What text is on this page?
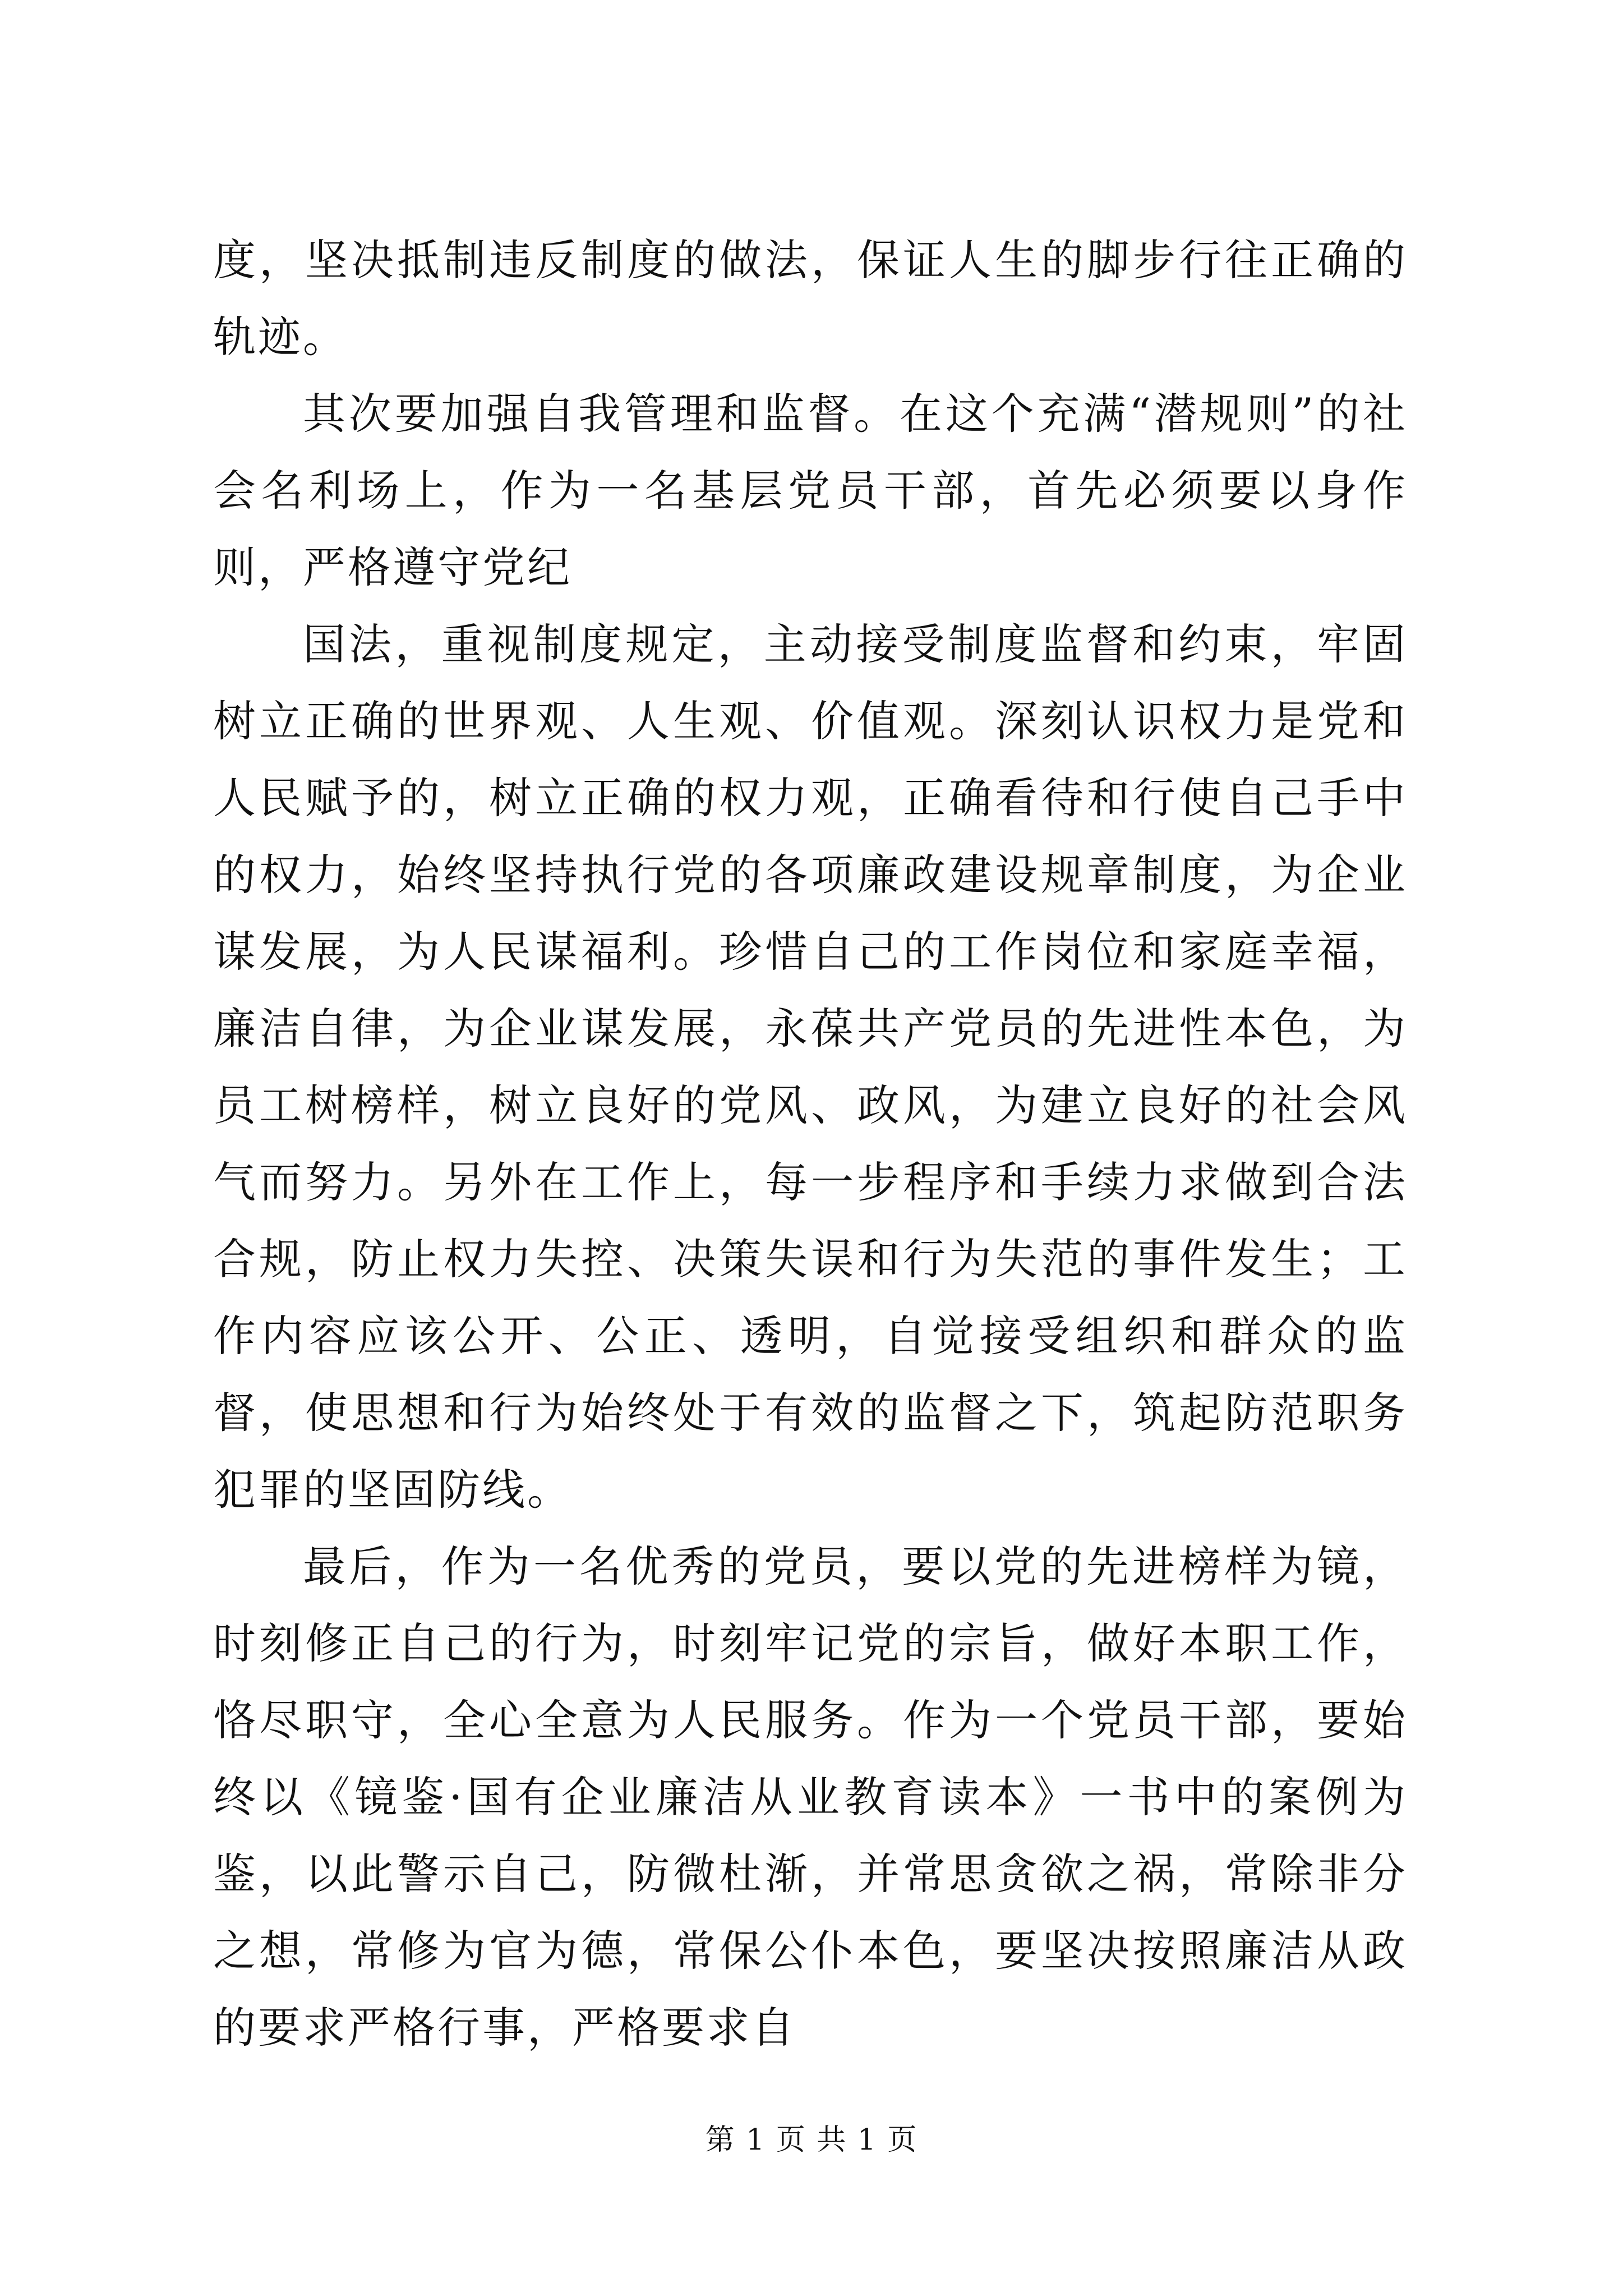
度，坚决抵制违反制度的做法，保证人生的脚步行往正确的轨迹。

其次要加强自我管理和监督。在这个充满“潜规则”的社会名利场上，作为一名基层党员干部，首先必须要以身作则，严格遵守党纪

国法，重视制度规定，主动接受制度监督和约束，牢固树立正确的世界观、人生观、价值观。深刻认识权力是党和人民赋予的，树立正确的权力观，正确看待和行使自己手中的权力，始终坚持执行党的各项廉政建设规章制度，为企业谋发展，为人民谋福利。珍惜自己的工作岗位和家庭幸福，廉洁自律，为企业谋发展，永葆共产党员的先进性本色，为员工树榜样，树立良好的党风、政风，为建立良好的社会风气而努力。另外在工作上，每一步程序和手续力求做到合法合规，防止权力失控、决策失误和行为失范的事件发生；工作内容应该公开、公正、透明，自觉接受组织和群众的监督，使思想和行为始终处于有效的监督之下，筑起防范职务犯罪的坚固防线。

最后，作为一名优秀的党员，要以党的先进榜样为镜，时刻修正自己的行为，时刻牢记党的宗旨，做好本职工作，恪尽职守，全心全意为人民服务。作为一个党员干部，要始终以《镜鉴·国有企业廉洁从业教育读本》一书中的案例为鉴，以此警示自己，防微杜渐，并常思贪欲之祸，常除非分之想，常修为官为德，常保公仆本色，要坚决按照廉洁从政的要求严格行事，严格要求自

第 1 页 共 1 页
